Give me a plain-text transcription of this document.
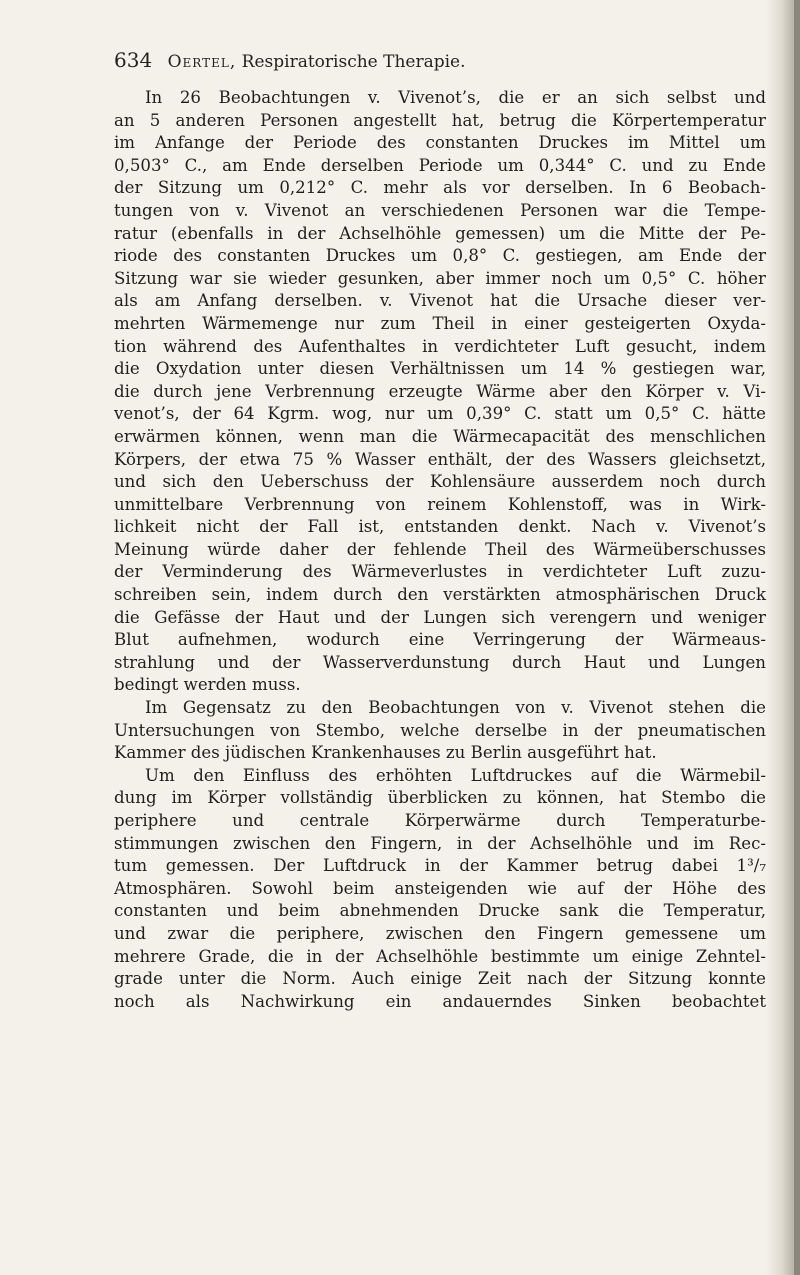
634 Oertel, Respiratorische Therapie.
In 26 Beobachtungen v. Vivenot’s, die er an sich selbst und
an 5 anderen Personen angestellt hat, betrug die Körpertemperatur
im Anfange der Periode des constanten Druckes im Mittel um
0,503° C., am Ende derselben Periode um 0,344° C. und zu Ende
der Sitzung um 0,212° C. mehr als vor derselben. In 6 Beobach-
tungen von v. Vivenot an verschiedenen Personen war die Tempe-
ratur (ebenfalls in der Achselhöhle gemessen) um die Mitte der Pe-
riode des constanten Druckes um 0,8° C. gestiegen, am Ende der
Sitzung war sie wieder gesunken, aber immer noch um 0,5° C. höher
als am Anfang derselben. v. Vivenot hat die Ursache dieser ver-
mehrten Wärmemenge nur zum Theil in einer gesteigerten Oxyda-
tion während des Aufenthaltes in verdichteter Luft gesucht, indem
die Oxydation unter diesen Verhältnissen um 14 % gestiegen war,
die durch jene Verbrennung erzeugte Wärme aber den Körper v. Vi-
venot’s, der 64 Kgrm. wog, nur um 0,39° C. statt um 0,5° C. hätte
erwärmen können, wenn man die Wärmecapacität des menschlichen
Körpers, der etwa 75 % Wasser enthält, der des Wassers gleichsetzt,
und sich den Ueberschuss der Kohlensäure ausserdem noch durch
unmittelbare Verbrennung von reinem Kohlenstoff, was in Wirk-
lichkeit nicht der Fall ist, entstanden denkt. Nach v. Vivenot’s
Meinung würde daher der fehlende Theil des Wärmeüberschusses
der Verminderung des Wärmeverlustes in verdichteter Luft zuzu-
schreiben sein, indem durch den verstärkten atmosphärischen Druck
die Gefässe der Haut und der Lungen sich verengern und weniger
Blut aufnehmen, wodurch eine Verringerung der Wärmeaus-
strahlung und der Wasserverdunstung durch Haut und Lungen
bedingt werden muss.
Im Gegensatz zu den Beobachtungen von v. Vivenot stehen die
Untersuchungen von Stembo, welche derselbe in der pneumatischen
Kammer des jüdischen Krankenhauses zu Berlin ausgeführt hat.
Um den Einfluss des erhöhten Luftdruckes auf die Wärmebil-
dung im Körper vollständig überblicken zu können, hat Stembo die
periphere und centrale Körperwärme durch Temperaturbe-
stimmungen zwischen den Fingern, in der Achselhöhle und im Rec-
tum gemessen. Der Luftdruck in der Kammer betrug dabei 1³/₇
Atmosphären. Sowohl beim ansteigenden wie auf der Höhe des
constanten und beim abnehmenden Drucke sank die Temperatur,
und zwar die periphere, zwischen den Fingern gemessene um
mehrere Grade, die in der Achselhöhle bestimmte um einige Zehntel-
grade unter die Norm. Auch einige Zeit nach der Sitzung konnte
noch als Nachwirkung ein andauerndes Sinken beobachtet
